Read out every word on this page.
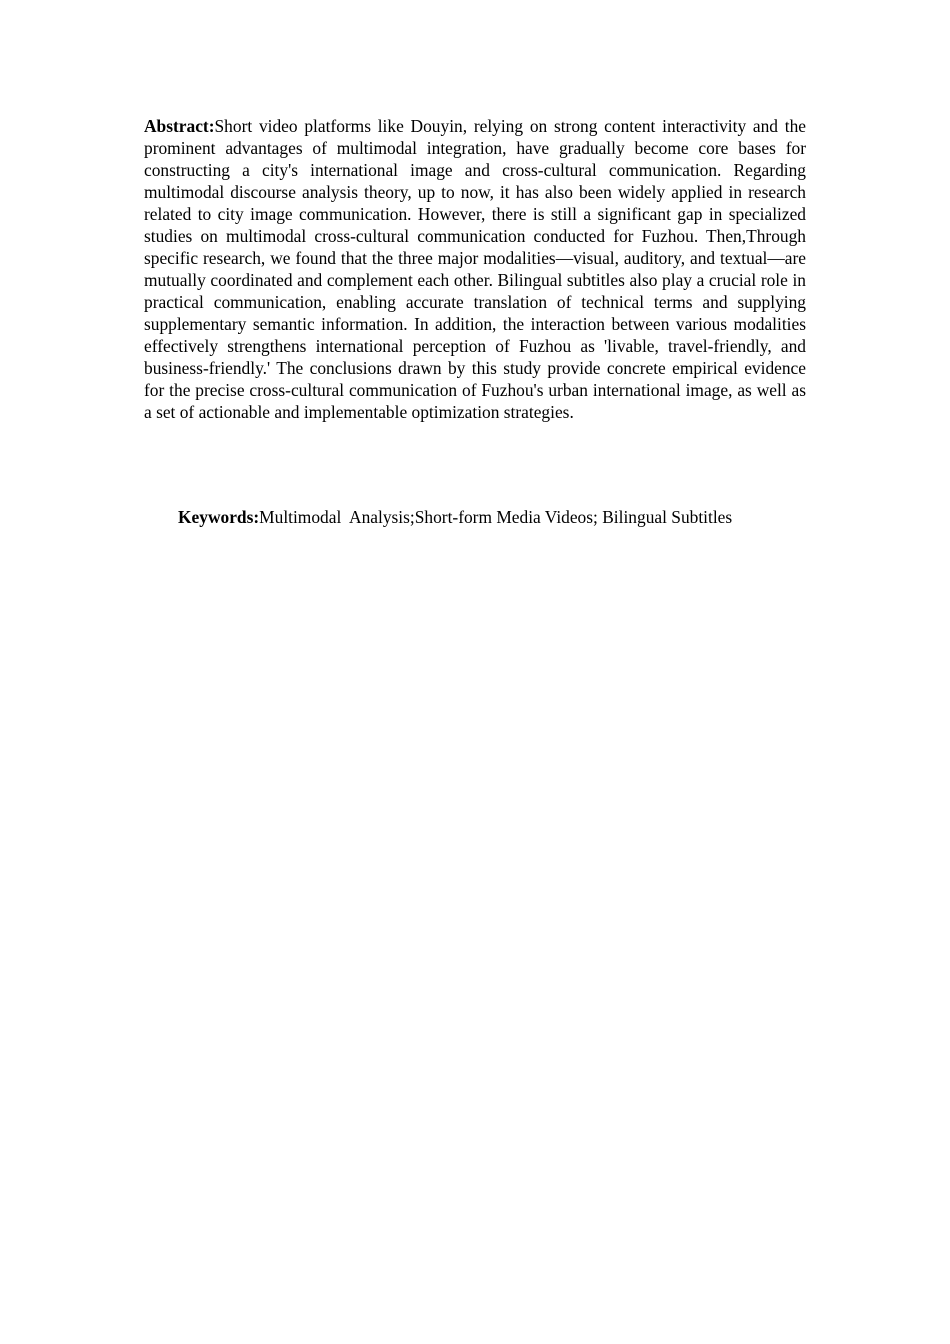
Abstract:Short video platforms like Douyin, relying on strong content interactivity and the prominent advantages of multimodal integration, have gradually become core bases for constructing a city's international image and cross-cultural communication. Regarding multimodal discourse analysis theory, up to now, it has also been widely applied in research related to city image communication. However, there is still a significant gap in specialized studies on multimodal cross-cultural communication conducted for Fuzhou. Then,Through specific research, we found that the three major modalities—visual, auditory, and textual—are mutually coordinated and complement each other. Bilingual subtitles also play a crucial role in practical communication, enabling accurate translation of technical terms and supplying supplementary semantic information. In addition, the interaction between various modalities effectively strengthens international perception of Fuzhou as 'livable, travel-friendly, and business-friendly.' The conclusions drawn by this study provide concrete empirical evidence for the precise cross-cultural communication of Fuzhou's urban international image, as well as a set of actionable and implementable optimization strategies.

Keywords:Multimodal  Analysis;Short-form Media Videos; Bilingual Subtitles
